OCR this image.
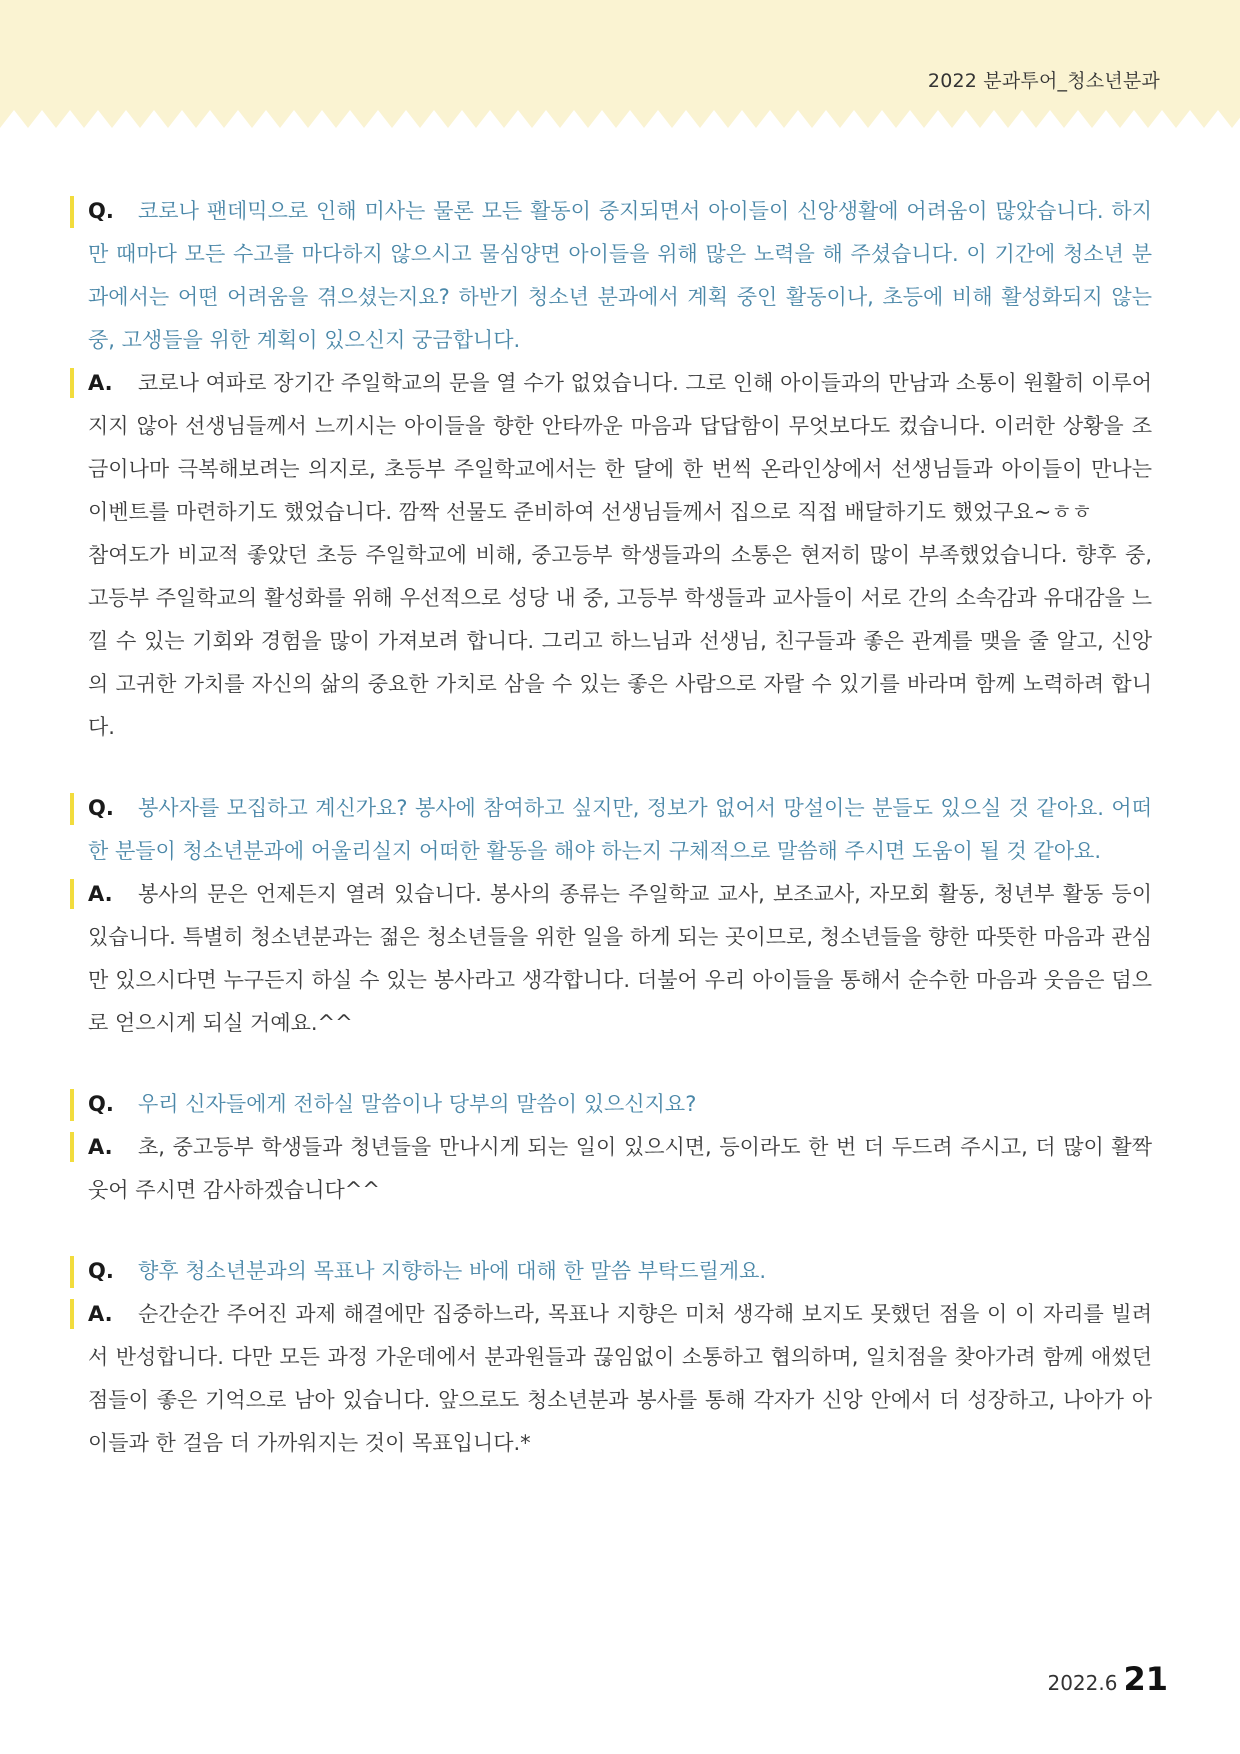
2022 분과투어_청소년분과

Q. 코로나 팬데믹으로 인해 미사는 물론 모든 활동이 중지되면서 아이들이 신앙생활에 어려움이 많았습니다. 하지만 때마다 모든 수고를 마다하지 않으시고 물심양면 아이들을 위해 많은 노력을 해 주셨습니다. 이 기간에 청소년 분과에서는 어떤 어려움을 겪으셨는지요? 하반기 청소년 분과에서 계획 중인 활동이나, 초등에 비해 활성화되지 않는 중, 고생들을 위한 계획이 있으신지 궁금합니다.

A. 코로나 여파로 장기간 주일학교의 문을 열 수가 없었습니다. 그로 인해 아이들과의 만남과 소통이 원활히 이루어지지 않아 선생님들께서 느끼시는 아이들을 향한 안타까운 마음과 답답함이 무엇보다도 컸습니다. 이러한 상황을 조금이나마 극복해보려는 의지로, 초등부 주일학교에서는 한 달에 한 번씩 온라인상에서 선생님들과 아이들이 만나는 이벤트를 마련하기도 했었습니다. 깜짝 선물도 준비하여 선생님들께서 집으로 직접 배달하기도 했었구요~ㅎㅎ

참여도가 비교적 좋았던 초등 주일학교에 비해, 중고등부 학생들과의 소통은 현저히 많이 부족했었습니다. 향후 중, 고등부 주일학교의 활성화를 위해 우선적으로 성당 내 중, 고등부 학생들과 교사들이 서로 간의 소속감과 유대감을 느낄 수 있는 기회와 경험을 많이 가져보려 합니다. 그리고 하느님과 선생님, 친구들과 좋은 관계를 맺을 줄 알고, 신앙의 고귀한 가치를 자신의 삶의 중요한 가치로 삼을 수 있는 좋은 사람으로 자랄 수 있기를 바라며 함께 노력하려 합니다.

Q. 봉사자를 모집하고 계신가요? 봉사에 참여하고 싶지만, 정보가 없어서 망설이는 분들도 있으실 것 같아요. 어떠한 분들이 청소년분과에 어울리실지 어떠한 활동을 해야 하는지 구체적으로 말씀해 주시면 도움이 될 것 같아요.

A. 봉사의 문은 언제든지 열려 있습니다. 봉사의 종류는 주일학교 교사, 보조교사, 자모회 활동, 청년부 활동 등이 있습니다. 특별히 청소년분과는 젊은 청소년들을 위한 일을 하게 되는 곳이므로, 청소년들을 향한 따뜻한 마음과 관심만 있으시다면 누구든지 하실 수 있는 봉사라고 생각합니다. 더불어 우리 아이들을 통해서 순수한 마음과 웃음은 덤으로 얻으시게 되실 거예요.^^

Q. 우리 신자들에게 전하실 말씀이나 당부의 말씀이 있으신지요?

A. 초, 중고등부 학생들과 청년들을 만나시게 되는 일이 있으시면, 등이라도 한 번 더 두드려 주시고, 더 많이 활짝 웃어 주시면 감사하겠습니다^^

Q. 향후 청소년분과의 목표나 지향하는 바에 대해 한 말씀 부탁드릴게요.

A. 순간순간 주어진 과제 해결에만 집중하느라, 목표나 지향은 미처 생각해 보지도 못했던 점을 이 이 자리를 빌려서 반성합니다. 다만 모든 과정 가운데에서 분과원들과 끊임없이 소통하고 협의하며, 일치점을 찾아가려 함께 애썼던 점들이 좋은 기억으로 남아 있습니다. 앞으로도 청소년분과 봉사를 통해 각자가 신앙 안에서 더 성장하고, 나아가 아이들과 한 걸음 더 가까워지는 것이 목표입니다.*

2022.6 21
